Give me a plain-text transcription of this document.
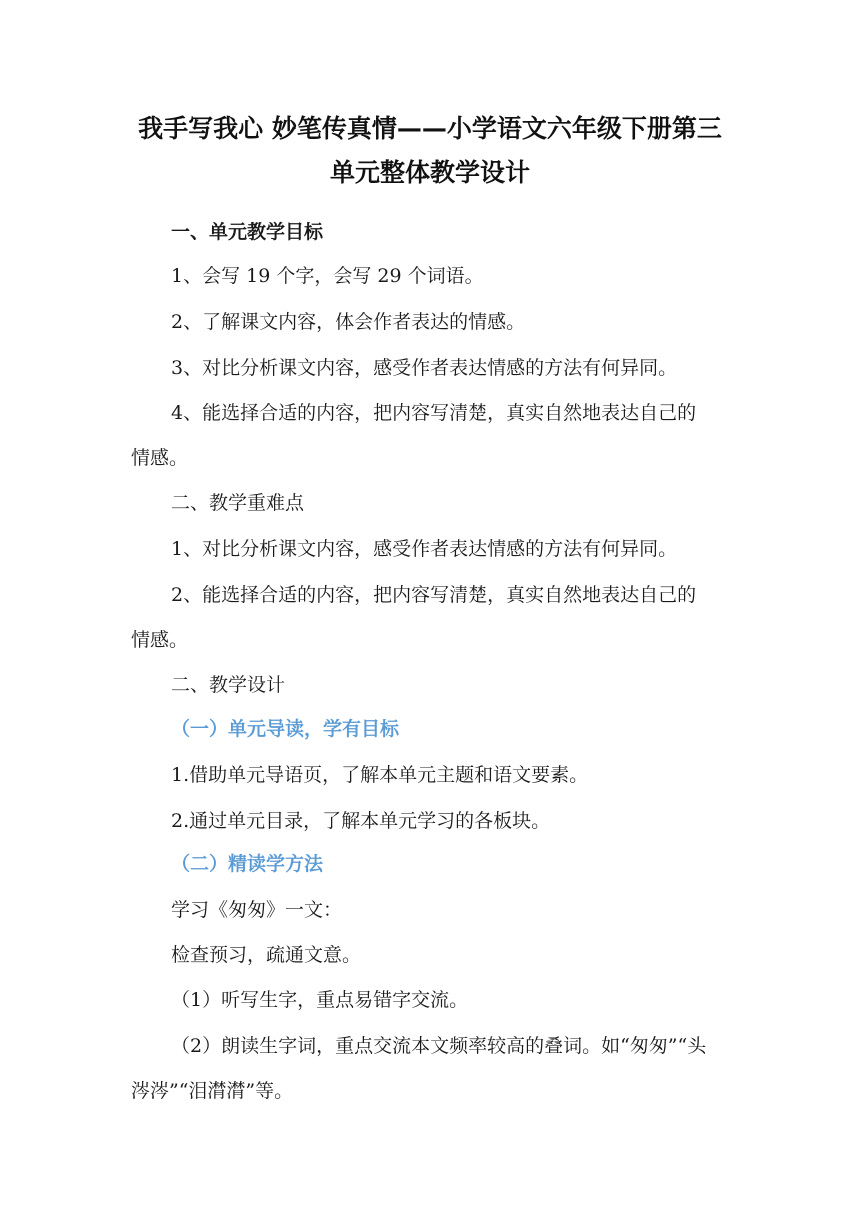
我手写我心 妙笔传真情——小学语文六年级下册第三
单元整体教学设计
一、单元教学目标
1、会写 19 个字，会写 29 个词语。
2、了解课文内容，体会作者表达的情感。
3、对比分析课文内容，感受作者表达情感的方法有何异同。
4、能选择合适的内容，把内容写清楚，真实自然地表达自己的
情感。
二、教学重难点
1、对比分析课文内容，感受作者表达情感的方法有何异同。
2、能选择合适的内容，把内容写清楚，真实自然地表达自己的
情感。
二、教学设计
（一）单元导读，学有目标
1.借助单元导语页，了解本单元主题和语文要素。
2.通过单元目录，了解本单元学习的各板块。
（二）精读学方法
学习《匆匆》一文：
检查预习，疏通文意。
（1）听写生字，重点易错字交流。
（2）朗读生字词，重点交流本文频率较高的叠词。如“匆匆”“头
涔涔”“泪潸潸”等。
